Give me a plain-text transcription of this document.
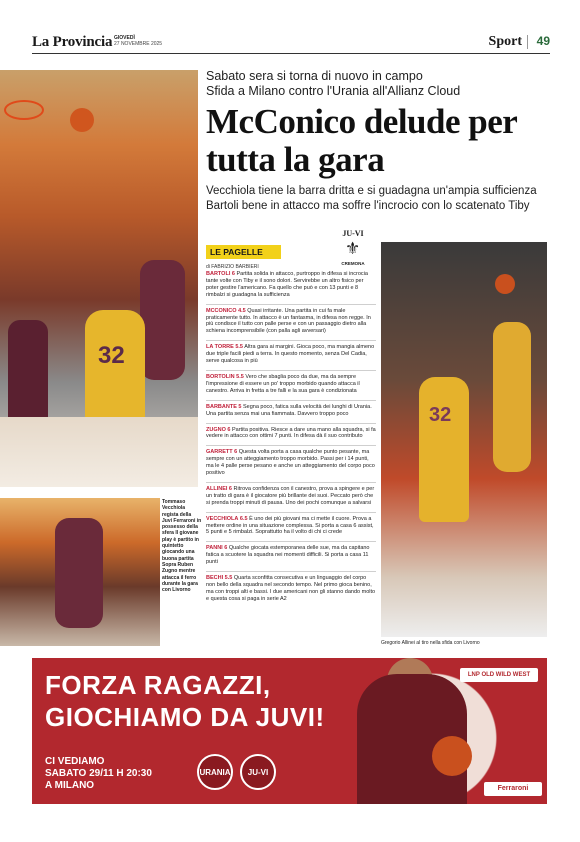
La Provincia GIOVEDÌ
27 NOVEMBRE 2025	Sport 49
32
Sabato sera si torna di nuovo in campo
Sfida a Milano contro l'Urania all'Allianz Cloud
McConico delude per tutta la gara
Vecchiola tiene la barra dritta e si guadagna un'ampia sufficienza
Bartoli bene in attacco ma soffre l'incrocio con lo scatenato Tiby
LE PAGELLE
di FABRIZIO BARBIERI
JU-VI
⚜
CREMONA
BARTOLI 6 Partita solida in attacco, purtroppo in difesa si incrocia tante volte con Tiby e il sono dolori. Servirebbe un altro fisico per poter gestire l'americano. Fa quello che può e con 13 punti e 8 rimbalzi si guadagna la sufficienza
MCCONICO 4.5 Quasi irritante. Una partita in cui fa male praticamente tutto. In attacco è un fantasma, in difesa non regge. In più condisce il tutto con palle perse e con un passaggio dietro alla schiena incomprensibile (con palla agli avversari)
LA TORRE 5.5 Altra gara ai margini. Gioca poco, ma mangia almeno due triple facili piedi a terra. In questo momento, senza Del Cadia, serve qualcosa in più
BORTOLIN 5.5 Vero che sbaglia poco da due, ma da sempre l'impressione di essere un po' troppo morbido quando attacca il canestro. Arriva in fretta a tre falli e la sua gara è condizionata
BARBANTE 5 Segna poco, fatica sulla velocità dei lunghi di Urania. Una partita senza mai una fiammata. Davvero troppo poco
ZUGNO 6 Partita positiva. Riesce a dare una mano alla squadra, si fa vedere in attacco con ottimi 7 punti. In difesa dà il suo contributo
GARRETT 6 Questa volta porta a casa qualche punto pesante, ma sempre con un atteggiamento troppo morbido. Passi per i 14 punti, ma le 4 palle perse pesano e anche un atteggiamento del corpo poco positivo
ALLINEI 6 Ritrova confidenza con il canestro, prova a spingere e per un tratto di gara è il giocatore più brillante dei suoi. Peccato però che si prenda troppi minuti di pausa. Uno dei pochi comunque a salvarsi
VECCHIOLA 6.5 È uno dei più giovani ma ci mette il cuore. Prova a mettere ordine in una situazione complessa. Si porta a casa 6 assist, 5 punti e 5 rimbalzi. Soprattutto ha il volto di chi ci crede
PANNI 6 Qualche giocata estemporanea delle sue, ma da capitano fatica a scuotere la squadra nei momenti difficili. Si porta a casa 11 punti
BECHI 5.5 Quarta sconfitta consecutiva e un linguaggio del corpo non bello della squadra nel secondo tempo. Nel primo gioca benino, ma con troppi alti e bassi. I due americani non gli stanno dando molto e questa cosa si paga in serie A2
Tommaso Vecchiola regista della Juvi Ferraroni in possesso della sfera Il giovane play è partito in quintetto giocando una buona partita Sopra Ruben Zugno mentre attacca il ferro durante la gara con Livorno
32
Gregorio Allinei al tiro nella sfida con Livorno
FORZA RAGAZZI,
GIOCHIAMO DA JUVI!
CI VEDIAMO
SABATO 29/11 H 20:30
A MILANO
URANIA	JU-VI
LNP OLD WILD WEST
Ferraroni
